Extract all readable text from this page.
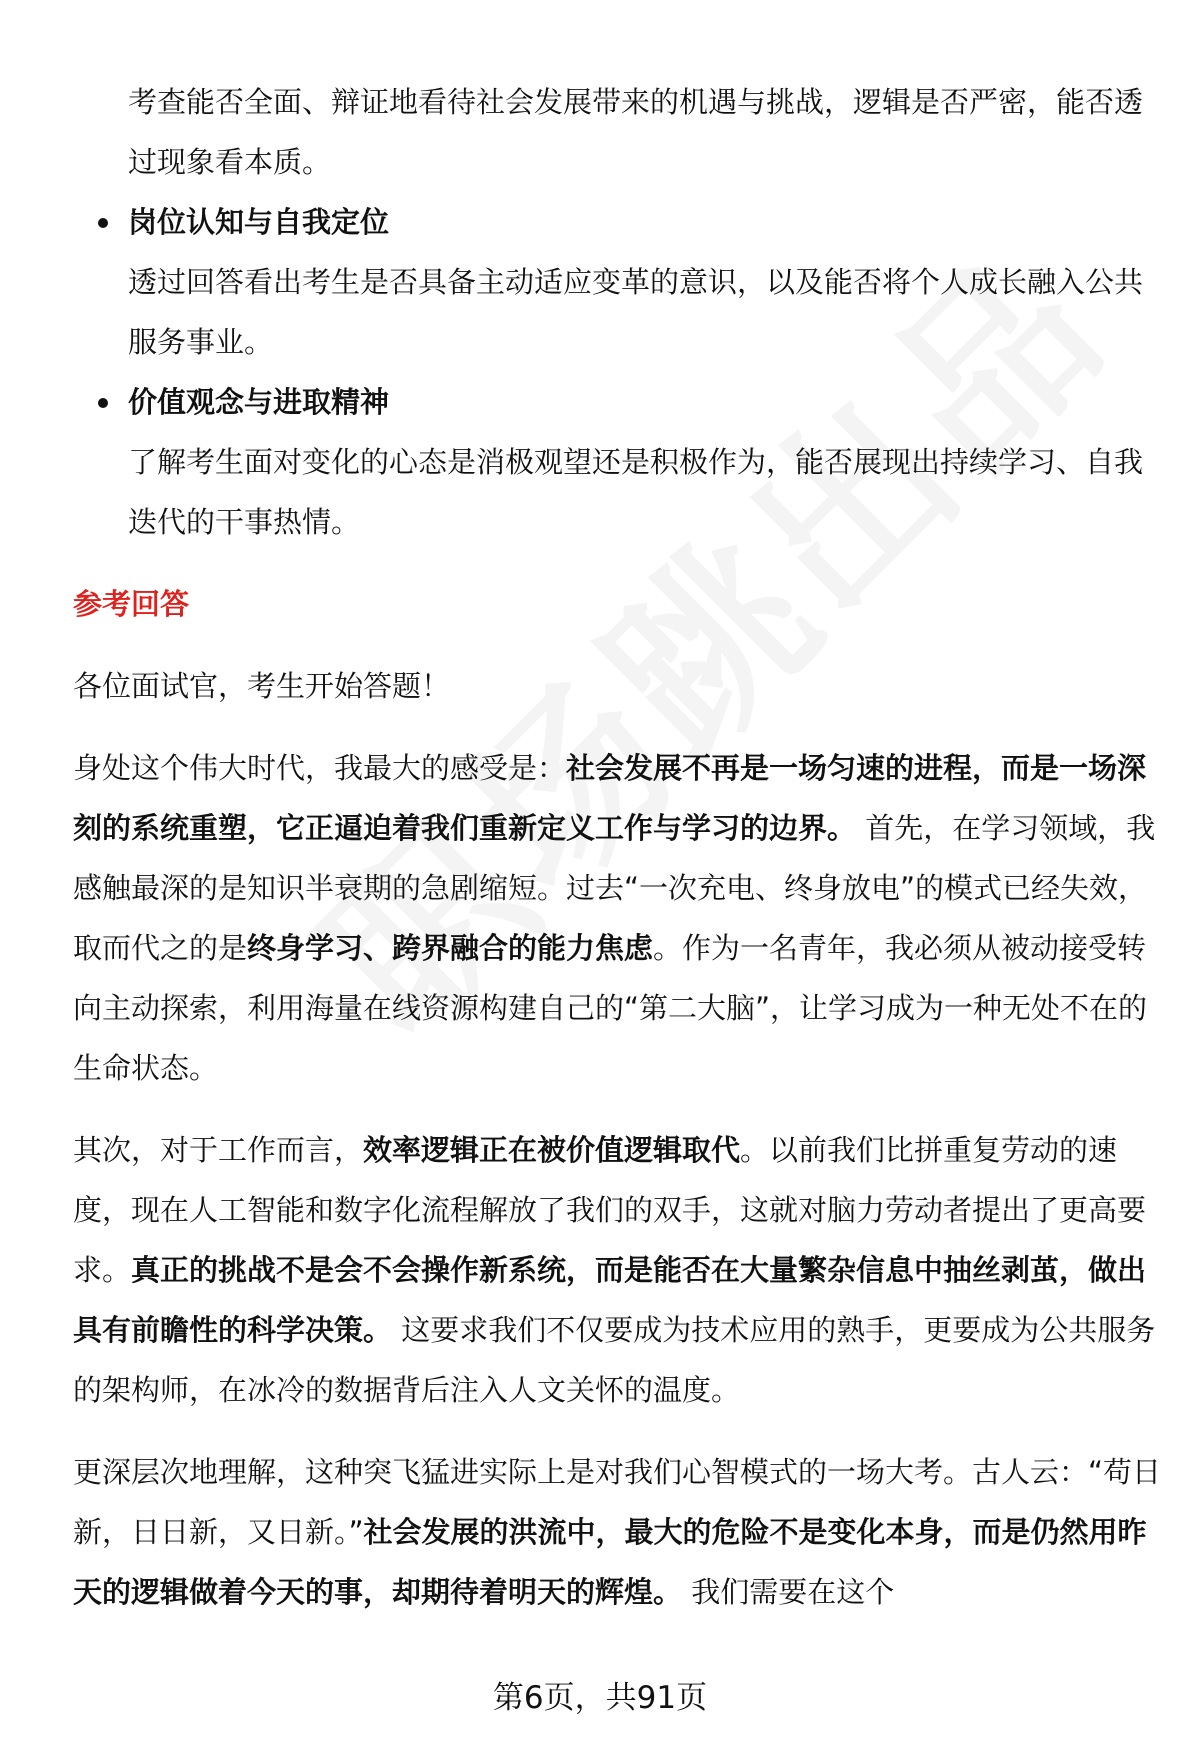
考查能否全面、辩证地看待社会发展带来的机遇与挑战，逻辑是否严密，能否透过现象看本质。

岗位认知与自我定位

透过回答看出考生是否具备主动适应变革的意识，以及能否将个人成长融入公共服务事业。

价值观念与进取精神

了解考生面对变化的心态是消极观望还是积极作为，能否展现出持续学习、自我迭代的干事热情。

参考回答

各位面试官，考生开始答题！

身处这个伟大时代，我最大的感受是：社会发展不再是一场匀速的进程，而是一场深刻的系统重塑，它正逼迫着我们重新定义工作与学习的边界。 首先，在学习领域，我感触最深的是知识半衰期的急剧缩短。过去“一次充电、终身放电”的模式已经失效，取而代之的是终身学习、跨界融合的能力焦虑。作为一名青年，我必须从被动接受转向主动探索，利用海量在线资源构建自己的“第二大脑”，让学习成为一种无处不在的生命状态。

其次，对于工作而言，效率逻辑正在被价值逻辑取代。以前我们比拼重复劳动的速度，现在人工智能和数字化流程解放了我们的双手，这就对脑力劳动者提出了更高要求。真正的挑战不是会不会操作新系统，而是能否在大量繁杂信息中抽丝剥茧，做出具有前瞻性的科学决策。 这要求我们不仅要成为技术应用的熟手，更要成为公共服务的架构师，在冰冷的数据背后注入人文关怀的温度。

更深层次地理解，这种突飞猛进实际上是对我们心智模式的一场大考。古人云：“苟日新，日日新，又日新。”社会发展的洪流中，最大的危险不是变化本身，而是仍然用昨天的逻辑做着今天的事，却期待着明天的辉煌。 我们需要在这个

第6页，共91页
